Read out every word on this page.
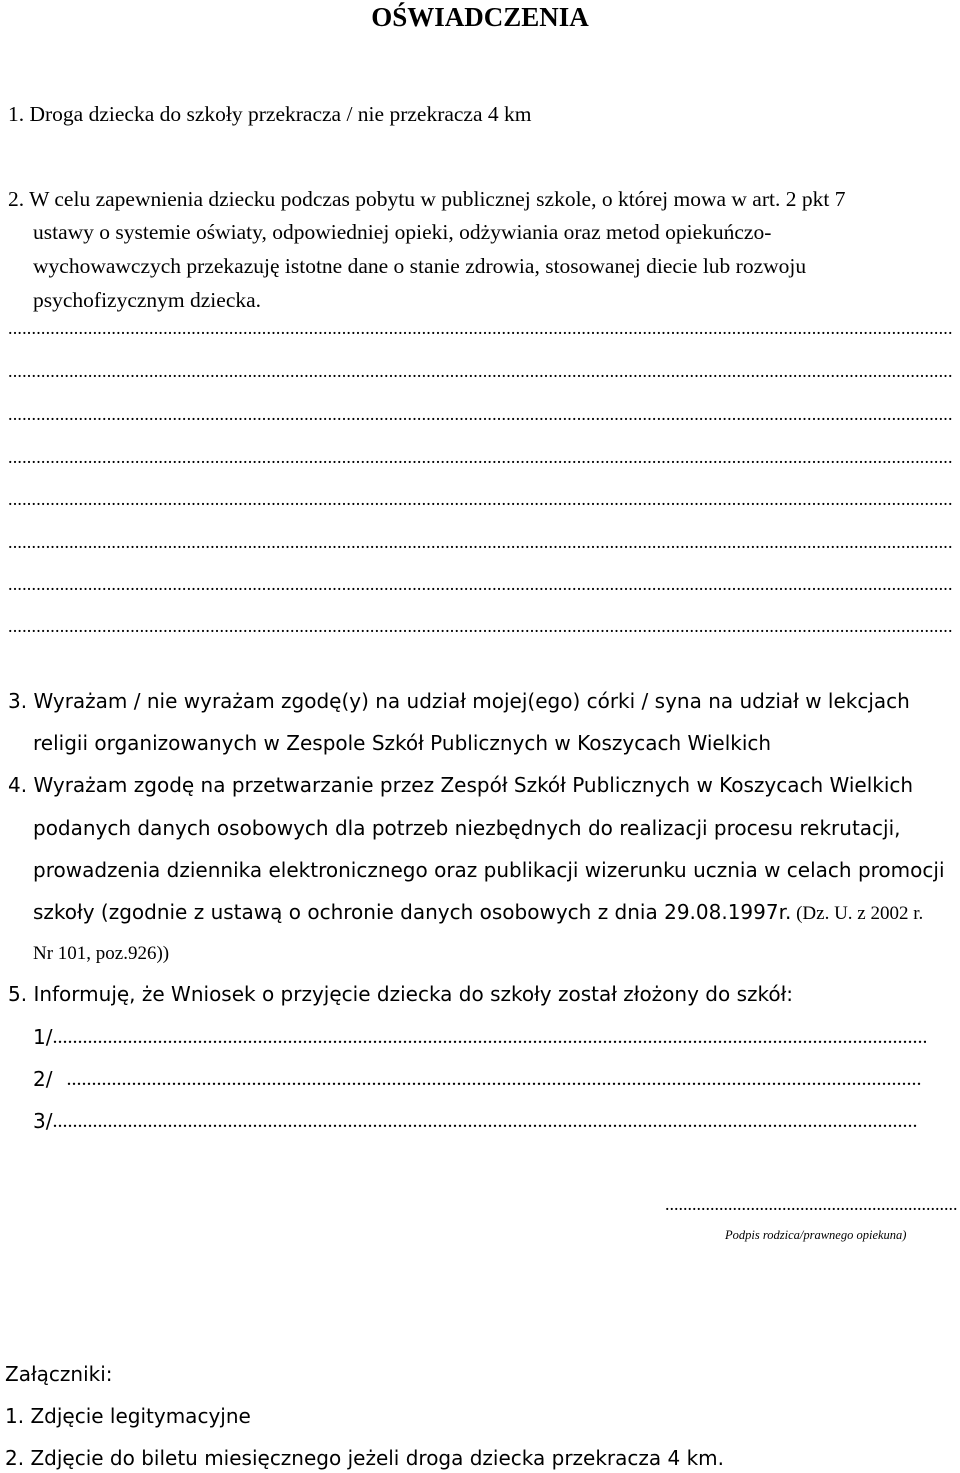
OŚWIADCZENIA
1. Droga dziecka do szkoły przekracza / nie przekracza 4 km
2. W celu zapewnienia dziecku podczas pobytu w publicznej szkole, o której mowa w art. 2 pkt 7
ustawy o systemie oświaty, odpowiedniej opieki, odżywiania oraz metod opiekuńczo-
wychowawczych przekazuję istotne dane o stanie zdrowia, stosowanej diecie lub rozwoju
psychofizycznym dziecka.
.....
.....
.....
.....
.....
.....
.....
.....
3. Wyrażam / nie wyrażam zgodę(y) na udział mojej(ego) córki / syna na udział w lekcjach
religii organizowanych w Zespole Szkół Publicznych w Koszycach Wielkich
4. Wyrażam zgodę na przetwarzanie przez Zespół Szkół Publicznych w Koszycach Wielkich
podanych danych osobowych dla potrzeb niezbędnych do realizacji procesu rekrutacji,
prowadzenia dziennika elektronicznego oraz publikacji wizerunku ucznia w celach promocji
szkoły (zgodnie z ustawą o ochronie danych osobowych z dnia 29.08.1997r. (Dz. U. z 2002 r.
Nr 101, poz.926))
5. Informuję, że Wniosek o przyjęcie dziecka do szkoły został złożony do szkół:
1/.....
2/.....
3/.....
.....
Podpis rodzica/prawnego opiekuna)
Załączniki:
1. Zdjęcie legitymacyjne
2. Zdjęcie do biletu miesięcznego jeżeli droga dziecka przekracza 4 km.
